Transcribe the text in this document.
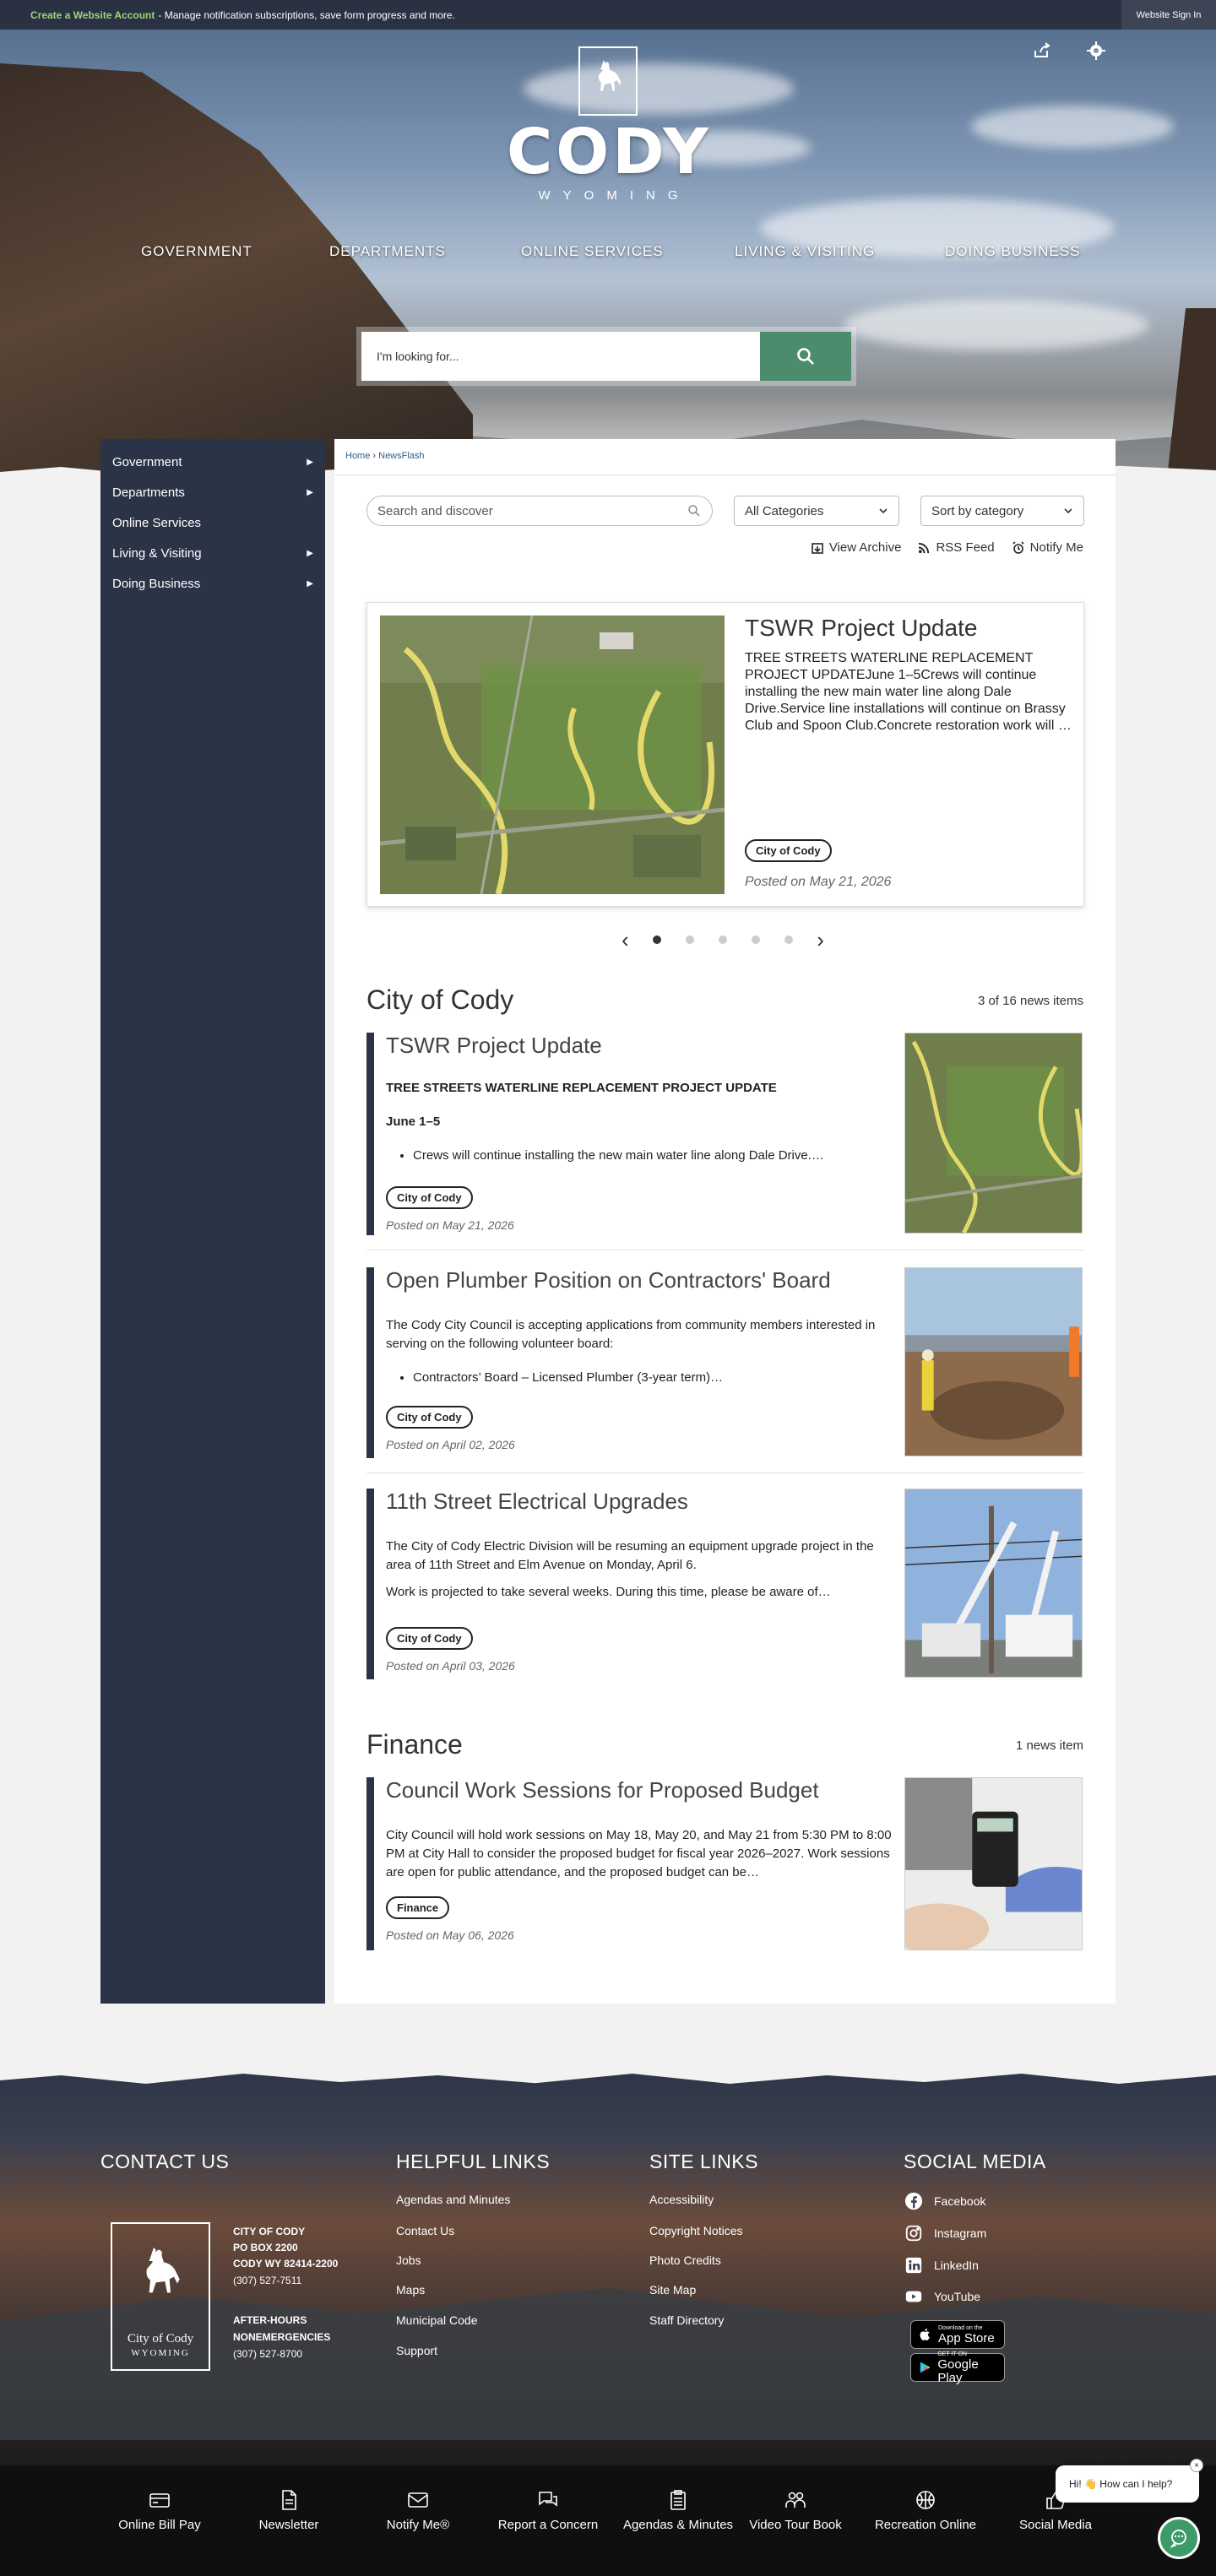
Create a Website Account - Manage notification subscriptions, save form progress and more.	Website Sign In
CODY
WYOMING
GOVERNMENT	DEPARTMENTS	ONLINE SERVICES	LIVING & VISITING	DOING BUSINESS
I'm looking for...
Government	▶
Departments	▶
Online Services
Living & Visiting	▶
Doing Business	▶
Home › NewsFlash
Search and discover
All Categories	Sort by category
View Archive	RSS Feed	Notify Me
TSWR Project Update
TREE STREETS WATERLINE REPLACEMENT PROJECT UPDATEJune 1–5Crews will continue installing the new main water line along Dale Drive.Service line installations will continue on Brassy Club and Spoon Club.Concrete restoration work will …
City of Cody
Posted on May 21, 2026
‹	›
City of Cody	3 of 16 news items
TSWR Project Update
TREE STREETS WATERLINE REPLACEMENT PROJECT UPDATE
June 1–5
• Crews will continue installing the new main water line along Dale Drive.…
City of Cody
Posted on May 21, 2026
Open Plumber Position on Contractors' Board

The Cody City Council is accepting applications from community members interested in serving on the following volunteer board:

• Contractors’ Board – Licensed Plumber (3-year term)…
City of Cody
Posted on April 02, 2026
11th Street Electrical Upgrades

The City of Cody Electric Division will be resuming an equipment upgrade project in the area of 11th Street and Elm Avenue on Monday, April 6.

Work is projected to take several weeks. During this time, please be aware of…

City of Cody
Posted on April 03, 2026
Finance	1 news item
Council Work Sessions for Proposed Budget

City Council will hold work sessions on May 18, May 20, and May 21 from 5:30 PM to 8:00 PM at City Hall to consider the proposed budget for fiscal year 2026–2027. Work sessions are open for public attendance, and the proposed budget can be…

Finance
Posted on May 06, 2026
CONTACT US	HELPFUL LINKS	SITE LINKS	SOCIAL MEDIA
City of Cody
WYOMING
CITY OF CODY
PO BOX 2200
CODY WY 82414-2200
(307) 527-7511
AFTER-HOURS
NONEMERGENCIES
(307) 527-8700
Agendas and Minutes
Contact Us
Jobs
Maps
Municipal Code
Support
Accessibility
Copyright Notices
Photo Credits
Site Map
Staff Directory
Facebook
Instagram
LinkedIn
YouTube
Download on the
App Store
GET IT ON
Google Play
Online Bill Pay	Newsletter	Notify Me®	Report a Concern	Agendas & Minutes	Video Tour Book	Recreation Online	Social Media
Hi! 👋 How can I help?
×
